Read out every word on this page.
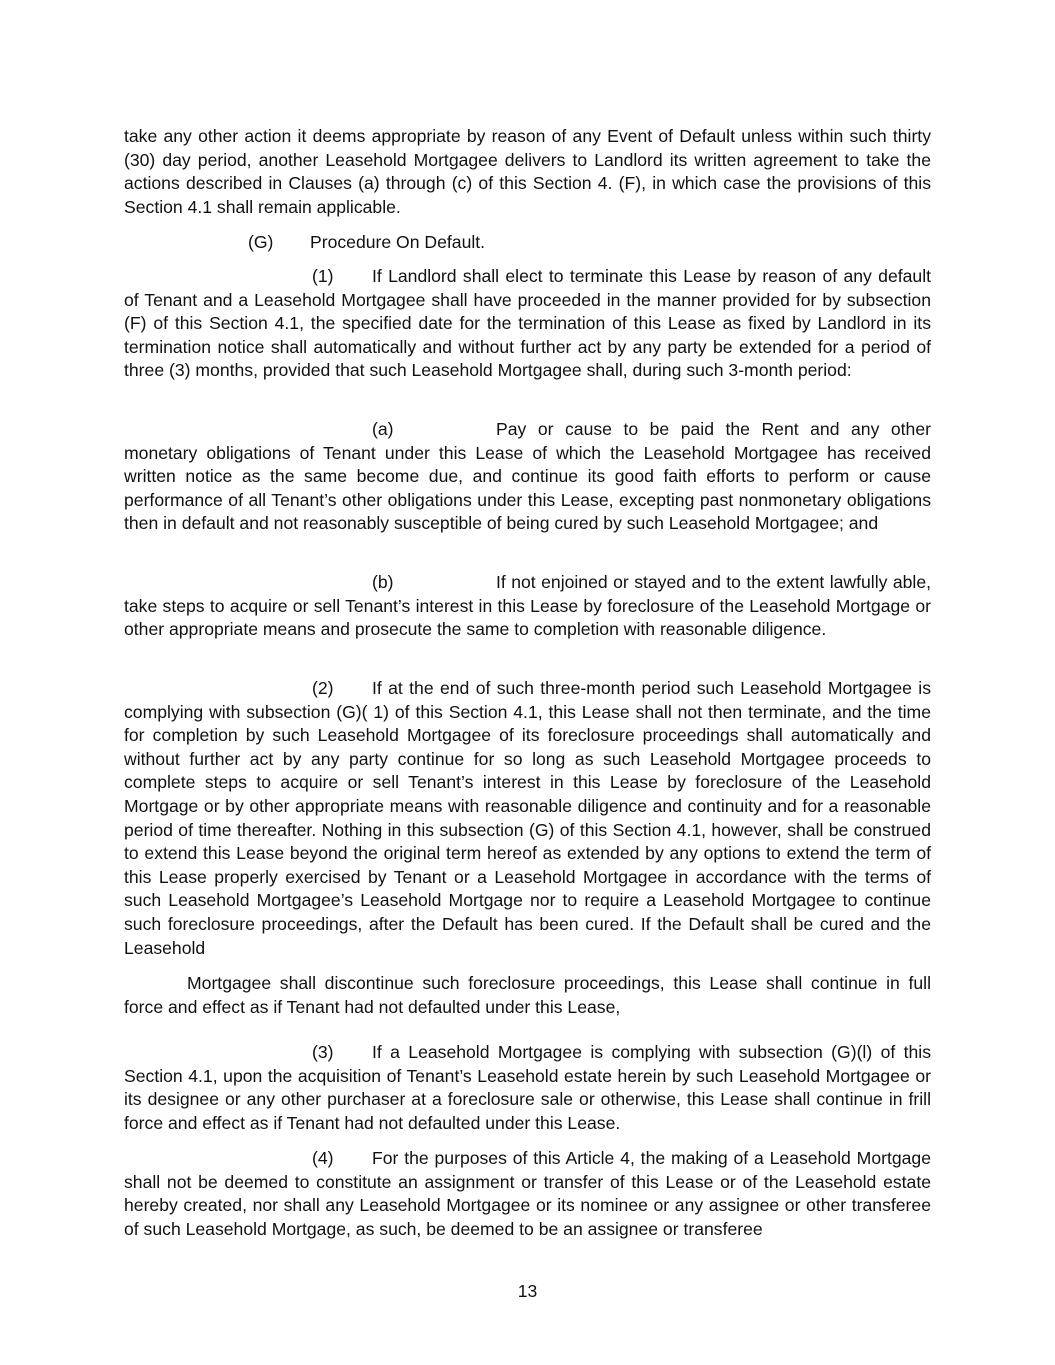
take any other action it deems appropriate by reason of any Event of Default unless within such thirty (30) day period, another Leasehold Mortgagee delivers to Landlord its written agreement to take the actions described in Clauses (a) through (c) of this Section 4. (F), in which case the provisions of this Section 4.1 shall remain applicable.

(G) Procedure On Default.

(1) If Landlord shall elect to terminate this Lease by reason of any default of Tenant and a Leasehold Mortgagee shall have proceeded in the manner provided for by subsection (F) of this Section 4.1, the specified date for the termination of this Lease as fixed by Landlord in its termination notice shall automatically and without further act by any party be extended for a period of three (3) months, provided that such Leasehold Mortgagee shall, during such 3-month period:

(a)	Pay or cause to be paid the Rent and any other monetary obligations of Tenant under this Lease of which the Leasehold Mortgagee has received written notice as the same become due, and continue its good faith efforts to perform or cause performance of all Tenant’s other obligations under this Lease, excepting past nonmonetary obligations then in default and not reasonably susceptible of being cured by such Leasehold Mortgagee; and

(b)	If not enjoined or stayed and to the extent lawfully able, take steps to acquire or sell Tenant’s interest in this Lease by foreclosure of the Leasehold Mortgage or other appropriate means and prosecute the same to completion with reasonable diligence.

(2) If at the end of such three-month period such Leasehold Mortgagee is complying with subsection (G)( 1) of this Section 4.1, this Lease shall not then terminate, and the time for completion by such Leasehold Mortgagee of its foreclosure proceedings shall automatically and without further act by any party continue for so long as such Leasehold Mortgagee proceeds to complete steps to acquire or sell Tenant’s interest in this Lease by foreclosure of the Leasehold Mortgage or by other appropriate means with reasonable diligence and continuity and for a reasonable period of time thereafter. Nothing in this subsection (G) of this Section 4.1, however, shall be construed to extend this Lease beyond the original term hereof as extended by any options to extend the term of this Lease properly exercised by Tenant or a Leasehold Mortgagee in accordance with the terms of such Leasehold Mortgagee’s Leasehold Mortgage nor to require a Leasehold Mortgagee to continue such foreclosure proceedings, after the Default has been cured. If the Default shall be cured and the Leasehold

Mortgagee shall discontinue such foreclosure proceedings, this Lease shall continue in full force and effect as if Tenant had not defaulted under this Lease,

(3) If a Leasehold Mortgagee is complying with subsection (G)(l) of this Section 4.1, upon the acquisition of Tenant’s Leasehold estate herein by such Leasehold Mortgagee or its designee or any other purchaser at a foreclosure sale or otherwise, this Lease shall continue in frill force and effect as if Tenant had not defaulted under this Lease.

(4) For the purposes of this Article 4, the making of a Leasehold Mortgage shall not be deemed to constitute an assignment or transfer of this Lease or of the Leasehold estate hereby created, nor shall any Leasehold Mortgagee or its nominee or any assignee or other transferee of such Leasehold Mortgage, as such, be deemed to be an assignee or transferee

13
